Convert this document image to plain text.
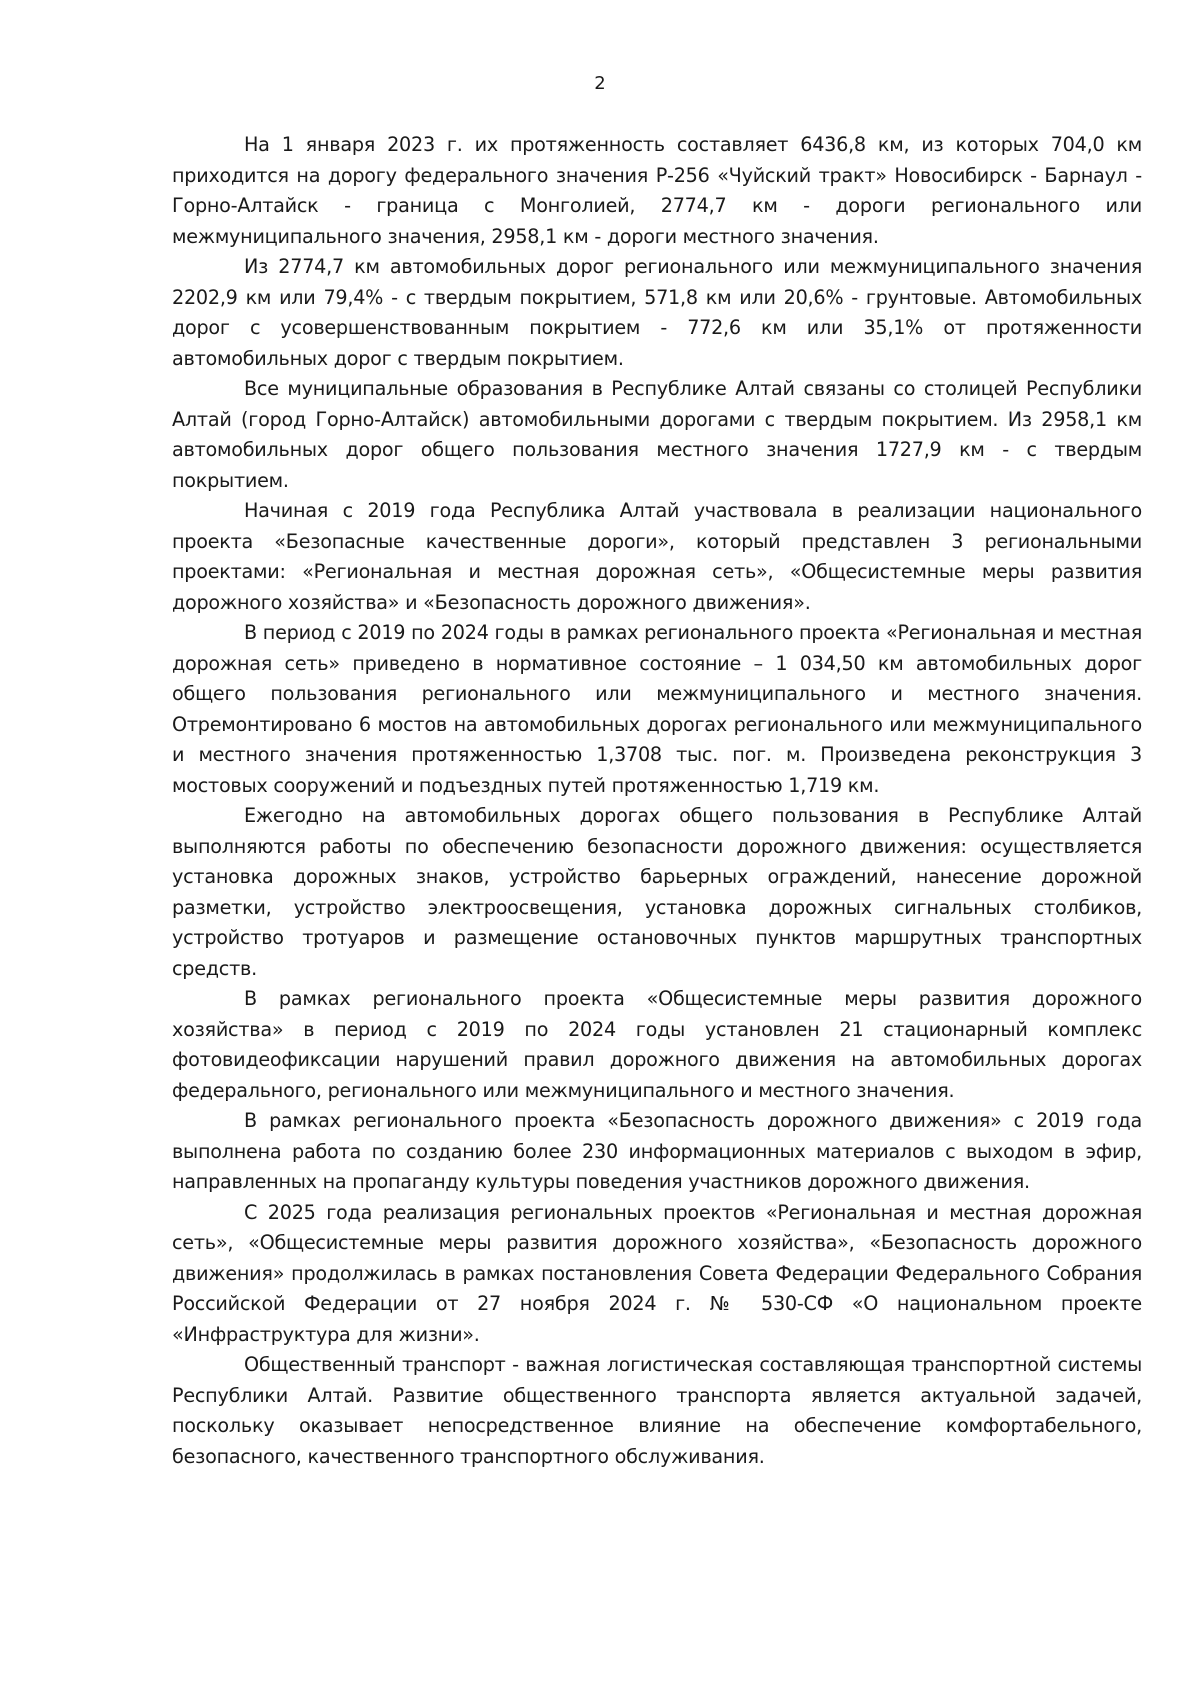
2

На 1 января 2023 г. их протяженность составляет 6436,8 км, из которых 704,0 км приходится на дорогу федерального значения Р-256 «Чуйский тракт» Новосибирск - Барнаул - Горно-Алтайск - граница с Монголией, 2774,7 км - дороги регионального или межмуниципального значения, 2958,1 км - дороги местного значения.

Из 2774,7 км автомобильных дорог регионального или межмуниципального значения 2202,9 км или 79,4% - с твердым покрытием, 571,8 км или 20,6% - грунтовые. Автомобильных дорог с усовершенствованным покрытием - 772,6 км или 35,1% от протяженности автомобильных дорог с твердым покрытием.

Все муниципальные образования в Республике Алтай связаны со столицей Республики Алтай (город Горно-Алтайск) автомобильными дорогами с твердым покрытием. Из 2958,1 км автомобильных дорог общего пользования местного значения 1727,9 км - с твердым покрытием.

Начиная с 2019 года Республика Алтай участвовала в реализации национального проекта «Безопасные качественные дороги», который представлен 3 региональными проектами: «Региональная и местная дорожная сеть», «Общесистемные меры развития дорожного хозяйства» и «Безопасность дорожного движения».

В период с 2019 по 2024 годы в рамках регионального проекта «Региональная и местная дорожная сеть» приведено в нормативное состояние – 1 034,50 км автомобильных дорог общего пользования регионального или межмуниципального и местного значения. Отремонтировано 6 мостов на автомобильных дорогах регионального или межмуниципального и местного значения протяженностью 1,3708 тыс. пог. м. Произведена реконструкция 3 мостовых сооружений и подъездных путей протяженностью 1,719 км.

Ежегодно на автомобильных дорогах общего пользования в Республике Алтай выполняются работы по обеспечению безопасности дорожного движения: осуществляется установка дорожных знаков, устройство барьерных ограждений, нанесение дорожной разметки, устройство электроосвещения, установка дорожных сигнальных столбиков, устройство тротуаров и размещение остановочных пунктов маршрутных транспортных средств.

В рамках регионального проекта «Общесистемные меры развития дорожного хозяйства» в период с 2019 по 2024 годы установлен 21 стационарный комплекс фотовидеофиксации нарушений правил дорожного движения на автомобильных дорогах федерального, регионального или межмуниципального и местного значения.

В рамках регионального проекта «Безопасность дорожного движения» с 2019 года выполнена работа по созданию более 230 информационных материалов с выходом в эфир, направленных на пропаганду культуры поведения участников дорожного движения.

С 2025 года реализация региональных проектов «Региональная и местная дорожная сеть», «Общесистемные меры развития дорожного хозяйства», «Безопасность дорожного движения» продолжилась в рамках постановления Совета Федерации Федерального Собрания Российской Федерации от 27 ноября 2024 г. № 530-СФ «О национальном проекте «Инфраструктура для жизни».

Общественный транспорт - важная логистическая составляющая транспортной системы Республики Алтай. Развитие общественного транспорта является актуальной задачей, поскольку оказывает непосредственное влияние на обеспечение комфортабельного, безопасного, качественного транспортного обслуживания.
